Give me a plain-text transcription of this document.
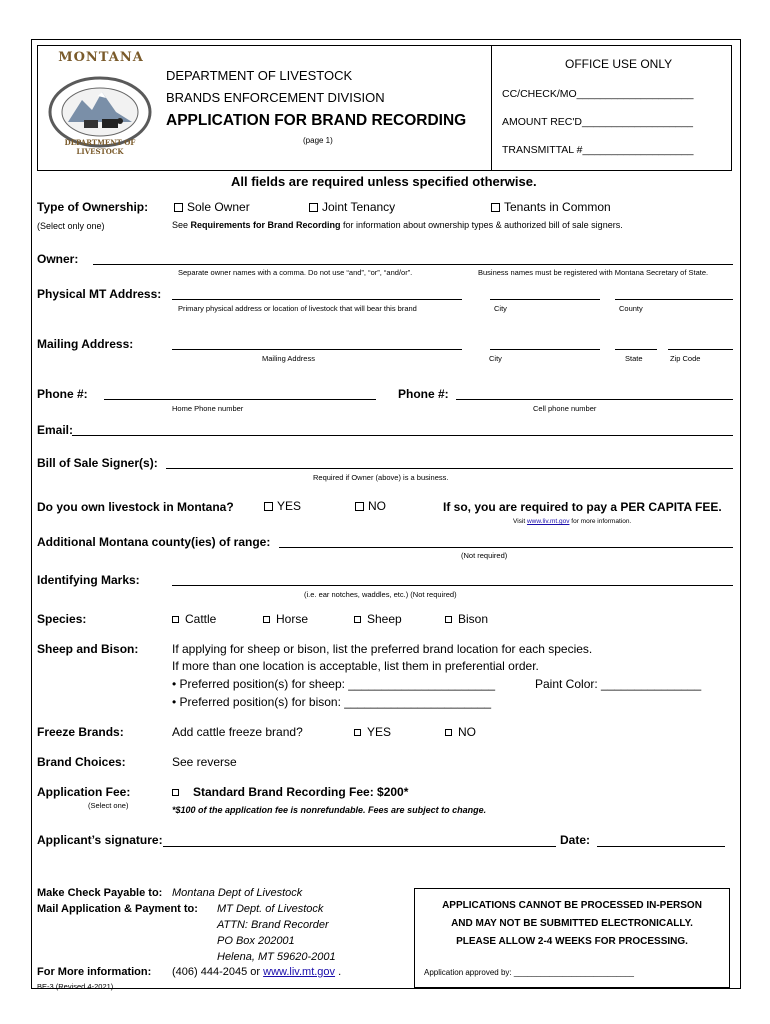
MONTANA
DEPARTMENT OF LIVESTOCK
DEPARTMENT OF LIVESTOCK
BRANDS ENFORCEMENT DIVISION
APPLICATION FOR BRAND RECORDING
(page 1)
OFFICE USE ONLY
CC/CHECK/MO____________________
AMOUNT REC'D___________________
TRANSMITTAL #___________________
All fields are required unless specified otherwise.
Type of Ownership:
(Select only one)
Sole Owner	Joint Tenancy	Tenants in Common
See Requirements for Brand Recording for information about ownership types & authorized bill of sale signers.
Owner:
Separate owner names with a comma. Do not use “and”, “or”, “and/or”.	Business names must be registered with Montana Secretary of State.
Physical MT Address:
Primary physical address or location of livestock that will bear this brand	City	County
Mailing Address:
Mailing Address	City	State	Zip Code
Phone #:
Home Phone number
Phone #:
Cell phone number
Email:
Bill of Sale Signer(s):
Required if Owner (above) is a business.
Do you own livestock in Montana?	YES	NO	If so, you are required to pay a PER CAPITA FEE.
Visit www.liv.mt.gov for more information.
Additional Montana county(ies) of range:
(Not required)
Identifying Marks:
(i.e. ear notches, waddles, etc.) (Not required)
Species:	Cattle	Horse	Sheep	Bison
Sheep and Bison:	If applying for sheep or bison, list the preferred brand location for each species.
If more than one location is acceptable, list them in preferential order.
• Preferred position(s) for sheep: ______________________	Paint Color: _______________
• Preferred position(s) for bison: ______________________
Freeze Brands:	Add cattle freeze brand?	YES	NO
Brand Choices:	See reverse
Application Fee:
(Select one)
Standard Brand Recording Fee: $200*
*$100 of the application fee is nonrefundable. Fees are subject to change.
Applicant’s signature:	Date:
Make Check Payable to: Montana Dept of Livestock
Mail Application & Payment to: MT Dept. of Livestock
ATTN: Brand Recorder
PO Box 202001
Helena, MT 59620-2001
For More information: (406) 444-2045 or www.liv.mt.gov .
APPLICATIONS CANNOT BE PROCESSED IN-PERSON
AND MAY NOT BE SUBMITTED ELECTRONICALLY.
PLEASE ALLOW 2-4 WEEKS FOR PROCESSING.
Application approved by: ___________________________
BE-3 (Revised 4-2021)
